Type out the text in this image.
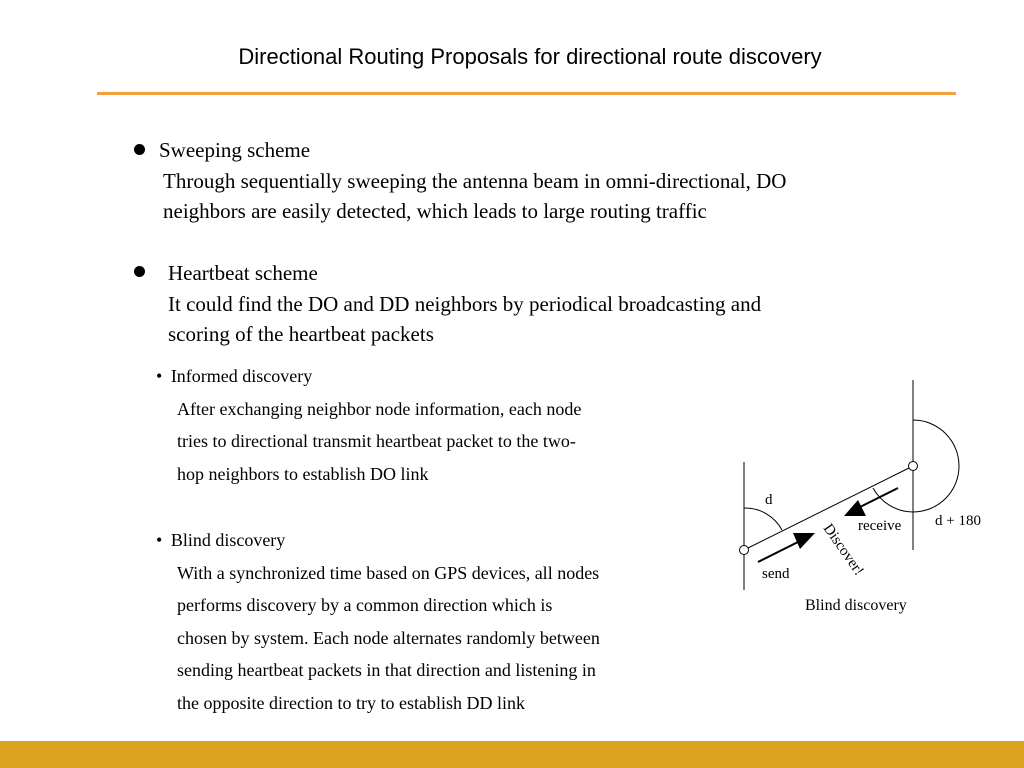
Directional Routing Proposals for directional route discovery
Sweeping scheme
Through sequentially sweeping the antenna beam in omni-directional, DO
neighbors are easily detected, which leads to large routing traffic
Heartbeat scheme
It could find the DO and DD neighbors by periodical broadcasting and
scoring of the heartbeat packets
• Informed discovery
After exchanging neighbor node information, each node
tries to directional transmit heartbeat packet to the two-
hop neighbors to establish DO link
• Blind discovery
With a synchronized time based on GPS devices, all nodes
performs discovery by a common direction which is
chosen by system. Each node alternates randomly between
sending heartbeat packets in that direction and listening in
the opposite direction to try to establish DD link
d
d + 180
receive
send Discover!
Blind discovery
